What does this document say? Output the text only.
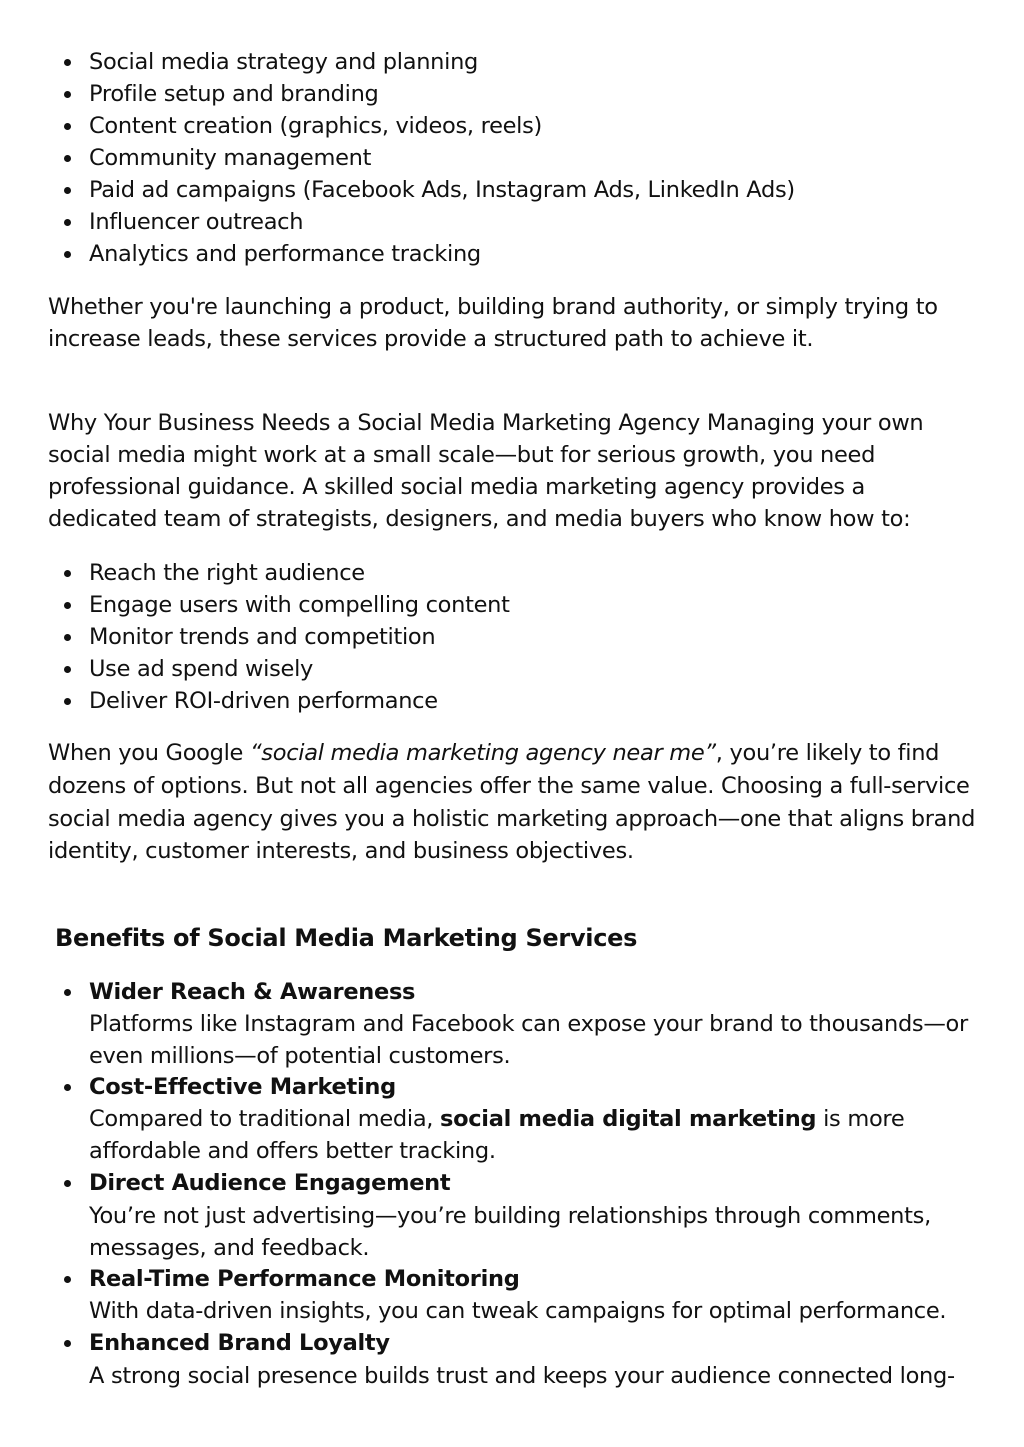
Social media strategy and planning

Profile setup and branding

Content creation (graphics, videos, reels)

Community management

Paid ad campaigns (Facebook Ads, Instagram Ads, LinkedIn Ads)

Influencer outreach

Analytics and performance tracking

Whether you're launching a product, building brand authority, or simply trying to

increase leads, these services provide a structured path to achieve it.

Why Your Business Needs a Social Media Marketing Agency Managing your own

social media might work at a small scale—but for serious growth, you need

professional guidance. A skilled social media marketing agency provides a

dedicated team of strategists, designers, and media buyers who know how to:

Reach the right audience

Engage users with compelling content

Monitor trends and competition

Use ad spend wisely

Deliver ROI-driven performance

When you Google “social media marketing agency near me”, you’re likely to find

dozens of options. But not all agencies offer the same value. Choosing a full-service

social media agency gives you a holistic marketing approach—one that aligns brand

identity, customer interests, and business objectives.

Benefits of Social Media Marketing Services

Wider Reach & Awareness

Platforms like Instagram and Facebook can expose your brand to thousands—or

even millions—of potential customers.

Cost-Effective Marketing

Compared to traditional media, social media digital marketing is more

affordable and offers better tracking.

Direct Audience Engagement

You’re not just advertising—you’re building relationships through comments,

messages, and feedback.

Real-Time Performance Monitoring

With data-driven insights, you can tweak campaigns for optimal performance.

Enhanced Brand Loyalty

A strong social presence builds trust and keeps your audience connected long-
